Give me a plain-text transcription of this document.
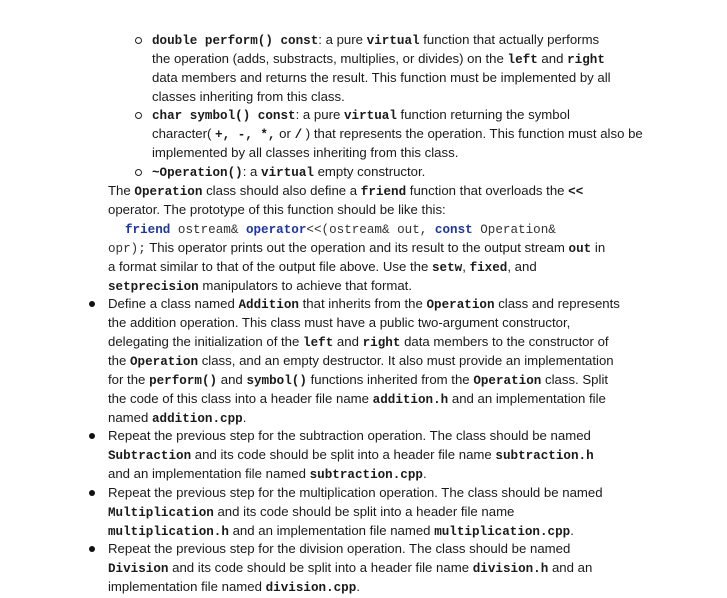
double perform() const: a pure virtual function that actually performs
the operation (adds, substracts, multiplies, or divides) on the left and right
data members and returns the result. This function must be implemented by all
classes inheriting from this class.
char symbol() const: a pure virtual function returning the symbol
character( +, -, *, or / ) that represents the operation. This function must also be
implemented by all classes inheriting from this class.
~Operation(): a virtual empty constructor.
The Operation class should also define a friend function that overloads the <<
operator. The prototype of this function should be like this:
friend ostream& operator<<(ostream& out, const Operation&
opr); This operator prints out the operation and its result to the output stream out in
a format similar to that of the output file above. Use the setw, fixed, and
setprecision manipulators to achieve that format.
Define a class named Addition that inherits from the Operation class and represents
the addition operation. This class must have a public two-argument constructor,
delegating the initialization of the left and right data members to the constructor of
the Operation class, and an empty destructor. It also must provide an implementation
for the perform() and symbol() functions inherited from the Operation class. Split
the code of this class into a header file name addition.h and an implementation file
named addition.cpp.
Repeat the previous step for the subtraction operation. The class should be named
Subtraction and its code should be split into a header file name subtraction.h
and an implementation file named subtraction.cpp.
Repeat the previous step for the multiplication operation. The class should be named
Multiplication and its code should be split into a header file name
multiplication.h and an implementation file named multiplication.cpp.
Repeat the previous step for the division operation. The class should be named
Division and its code should be split into a header file name division.h and an
implementation file named division.cpp.
